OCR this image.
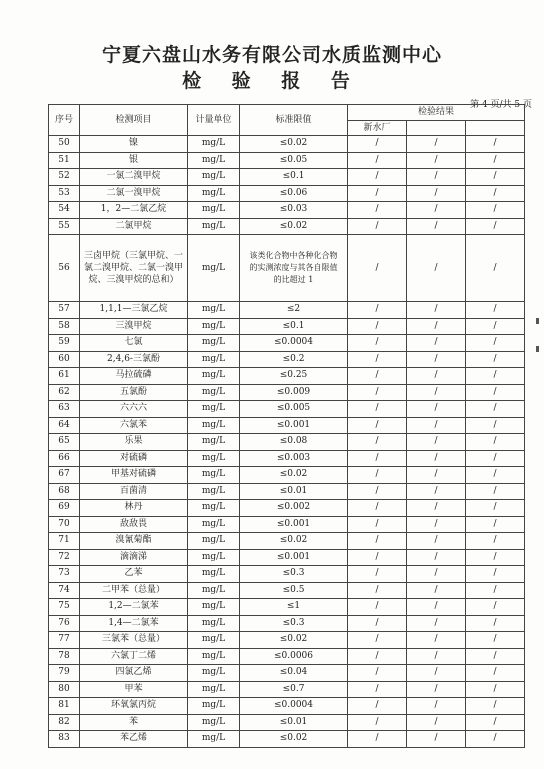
宁夏六盘山水务有限公司水质监测中心
检 验 报 告
第 4 页/共 5 页
序号	检测项目	计量单位	标准限值	检验结果		
				新水厂		
50	镍	mg/L	≤0.02	/	/	/
51	银	mg/L	≤0.05	/	/	/
52	一氯二溴甲烷	mg/L	≤0.1	/	/	/
53	二氯一溴甲烷	mg/L	≤0.06	/	/	/
54	1，2—二氯乙烷	mg/L	≤0.03	/	/	/
55	二氯甲烷	mg/L	≤0.02	/	/	/
56	三卤甲烷（三氯甲烷、一氯二溴甲烷、二氯一溴甲烷、三溴甲烷的总和）	mg/L	该类化合物中各种化合物的实测浓度与其各自限值的比超过 1	/	/	/
57	1,1,1—三氯乙烷	mg/L	≤2	/	/	/
58	三溴甲烷	mg/L	≤0.1	/	/	/
59	七氯	mg/L	≤0.0004	/	/	/
60	2,4,6-三氯酚	mg/L	≤0.2	/	/	/
61	马拉硫磷	mg/L	≤0.25	/	/	/
62	五氯酚	mg/L	≤0.009	/	/	/
63	六六六	mg/L	≤0.005	/	/	/
64	六氯苯	mg/L	≤0.001	/	/	/
65	乐果	mg/L	≤0.08	/	/	/
66	对硫磷	mg/L	≤0.003	/	/	/
67	甲基对硫磷	mg/L	≤0.02	/	/	/
68	百菌清	mg/L	≤0.01	/	/	/
69	林丹	mg/L	≤0.002	/	/	/
70	敌敌畏	mg/L	≤0.001	/	/	/
71	溴氰菊酯	mg/L	≤0.02	/	/	/
72	滴滴涕	mg/L	≤0.001	/	/	/
73	乙苯	mg/L	≤0.3	/	/	/
74	二甲苯（总量）	mg/L	≤0.5	/	/	/
75	1,2—二氯苯	mg/L	≤1	/	/	/
76	1,4—二氯苯	mg/L	≤0.3	/	/	/
77	三氯苯（总量）	mg/L	≤0.02	/	/	/
78	六氯丁二烯	mg/L	≤0.0006	/	/	/
79	四氯乙烯	mg/L	≤0.04	/	/	/
80	甲苯	mg/L	≤0.7	/	/	/
81	环氧氯丙烷	mg/L	≤0.0004	/	/	/
82	苯	mg/L	≤0.01	/	/	/
83	苯乙烯	mg/L	≤0.02	/	/	/
